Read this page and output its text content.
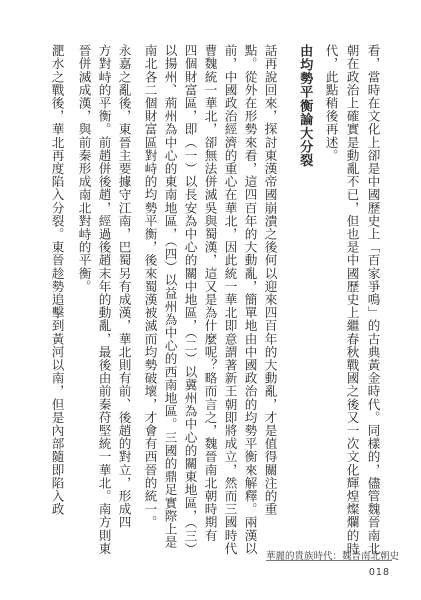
看，當時在文化上卻是中國歷史上「百家爭鳴」的古典黃金時代。同樣的，儘管魏晉南北
朝在政治上確實是動亂不已，但也是中國歷史上繼春秋戰國之後又一次文化輝煌燦爛的時
代，此點稍後再述。
由均勢平衡論大分裂
話再說回來，探討東漢帝國崩潰之後何以迎來四百年的大動亂，才是值得關注的重
點。從外在形勢來看，這四百年的大動亂，簡單地由中國政治的均勢平衡來解釋。兩漢以
前，中國政治經濟的重心在華北，因此統一華北即意謂著新王朝即將成立，然而三國時代
曹魏統一華北，卻無法併滅吳與蜀漢，這又是為什麼呢？略而言之，魏晉南北朝時期有
四個財富區，即（一）以長安為中心的關中地區，（二）以冀州為中心的關東地區，（三）
以揚州、荊州為中心的東南地區，（四）以益州為中心的西南地區。三國的鼎足實際上是
南北各二個財富區對峙的均勢平衡，後來蜀漢被滅而均勢破壞，才會有西晉的統一。
永嘉之亂後，東晉主要據守江南，巴蜀另有成漢，華北則有前、後趙的對立，形成四
方對峙的平衡。前趙併後趙，經過後趙末年的動亂，最後由前秦苻堅統一華北。南方則東
晉併滅成漢，與前秦形成南北對峙的平衡。
淝水之戰後，華北再度陷入分裂。東晉趁勢追擊到黃河以南，但是內部隨即陷入政
華麗的貴族時代：魏晉南北朝史
018
